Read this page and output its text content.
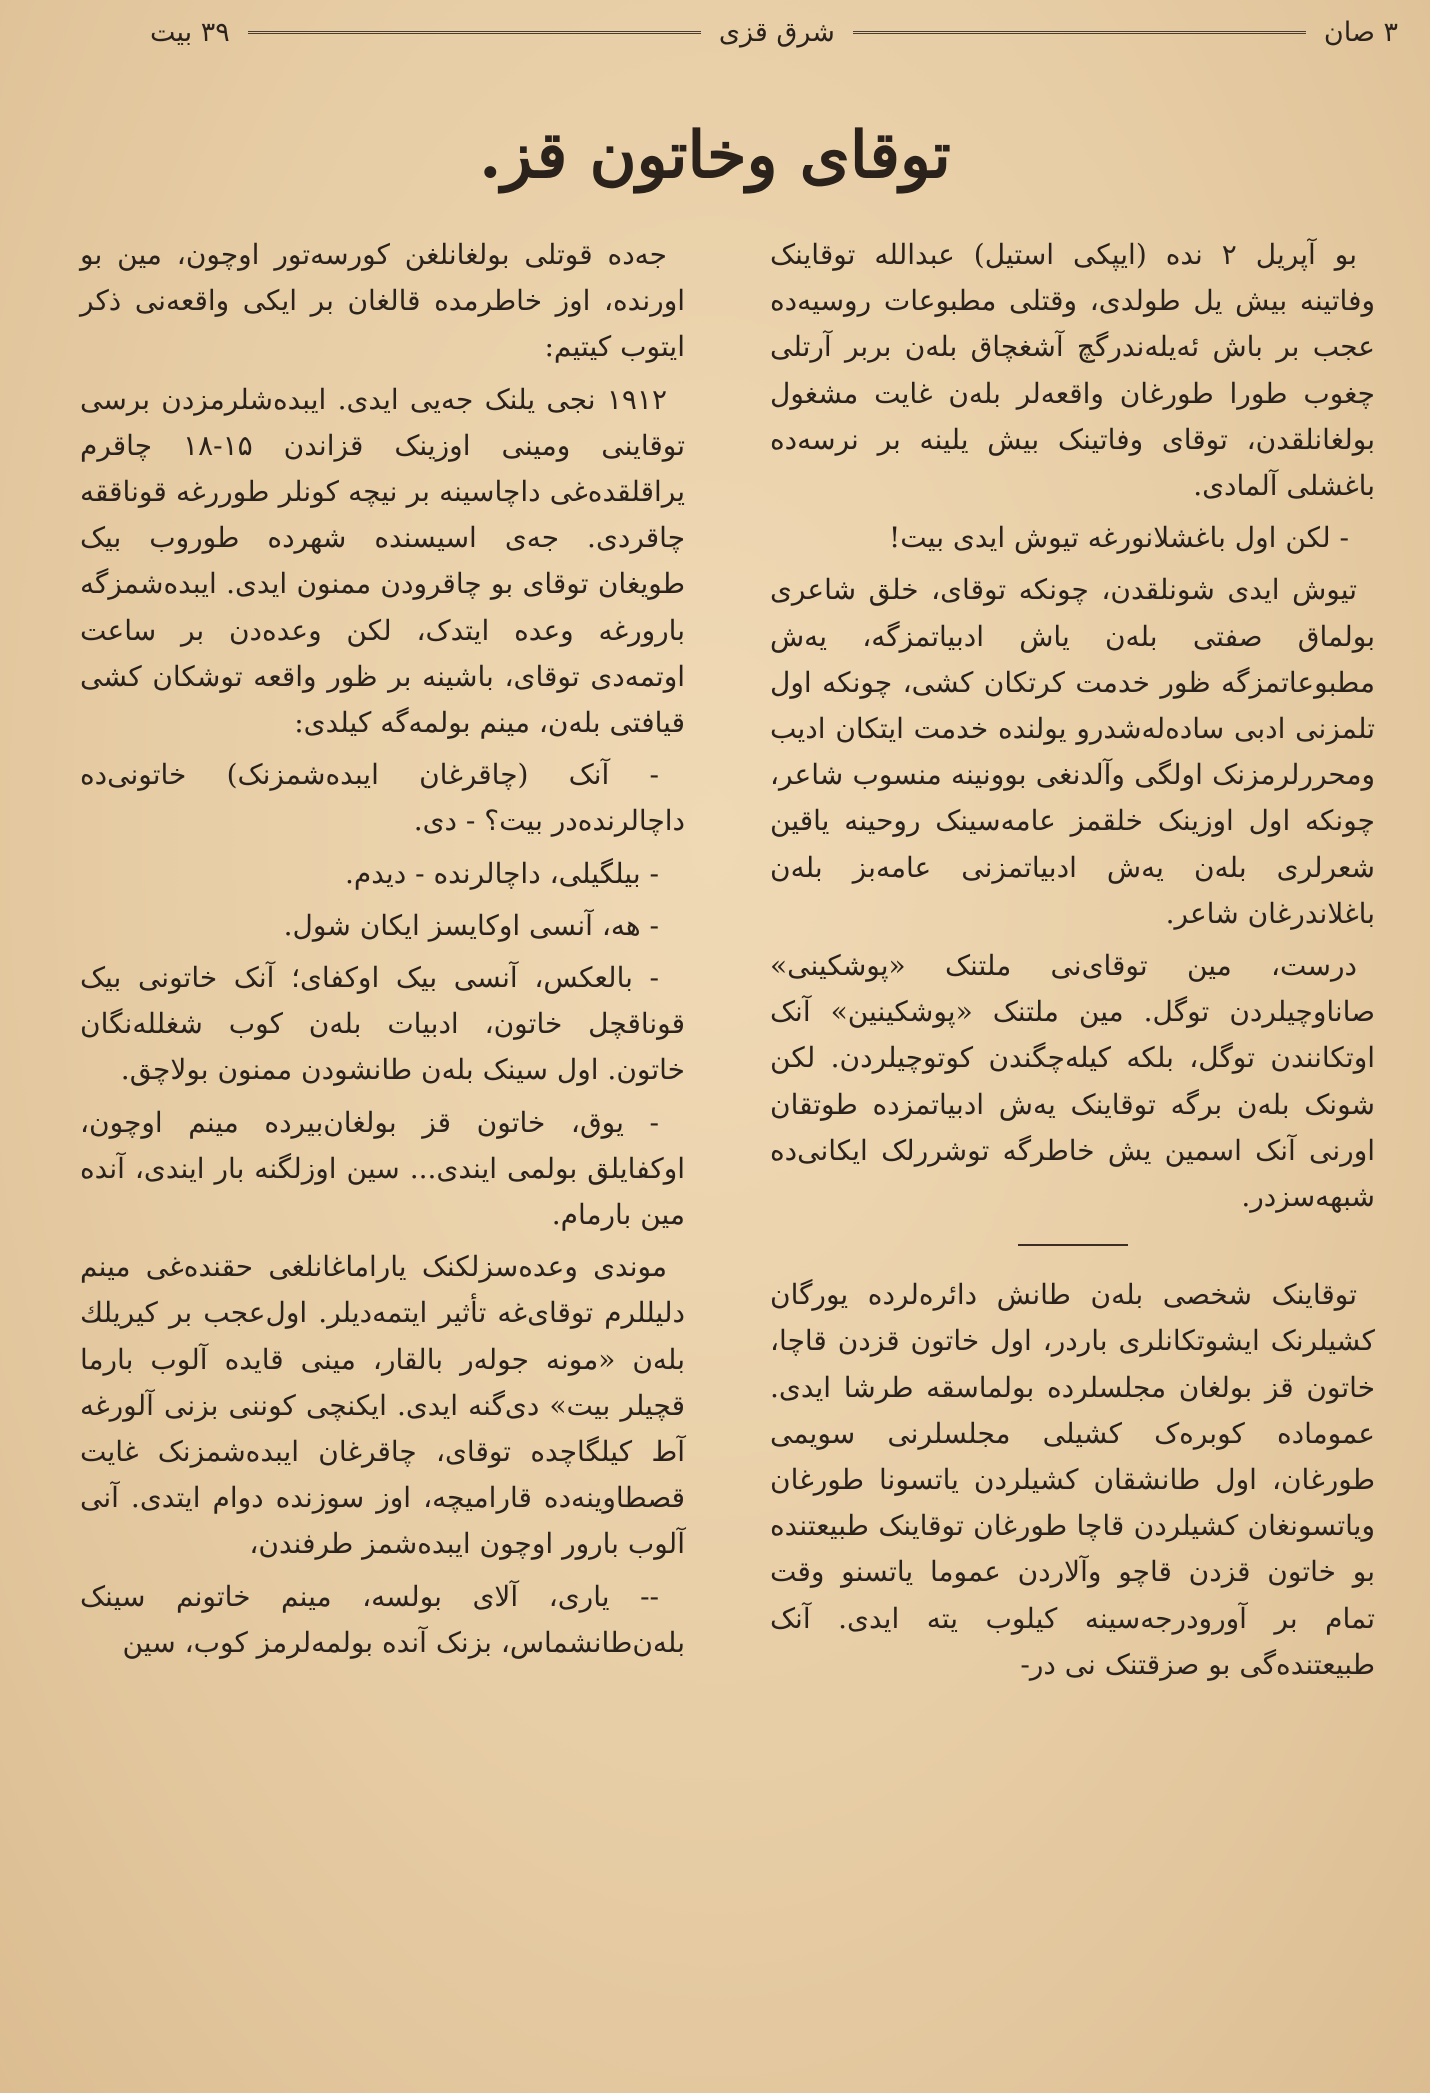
۳ صان
شرق قزی
۳۹ بیت
توقای وخاتون قز.

بو آپریل ۲ نده (ایپکی استیل) عبدالله توقاینک وفاتینه بیش یل طولدی، وقتلی مطبوعات روسیه‌ده عجب بر باش ئه‌یله‌ندرگچ آشغچاق بله‌ن بربر آرتلی چغوب طورا طورغان واقعه‌لر بله‌ن غایت مشغول بولغانلقدن، توقای وفاتینک بیش یلینه بر نرسه‌ده باغشلی آلمادی.

- لکن اول باغشلانورغه تیوش ایدی بیت!

تیوش ایدی شونلقدن، چونکه توقای، خلق شاعری بولماق صفتی بله‌ن یاش ادبیاتمزگه، یه‌ش مطبوعاتمزگه ظور خدمت کرتکان کشی، چونکه اول تلمزنی ادبی ساده‌له‌شدرو یولنده خدمت ایتکان ادیب ومحررلرمزنک اولگی وآلدنغی بوونینه منسوب شاعر، چونکه اول اوزینک خلقمز عامه‌سینک روحینه یاقین شعرلری بله‌ن یه‌ش ادبیاتمزنی عامه‌بز بله‌ن باغلاندرغان شاعر.

درست، مین توقای‌نی ملتنک «پوشکینی» صاناوچیلردن توگل. مین ملتنک «پوشکینین» آنک اوتکانندن توگل، بلکه کیله‌چگندن کوتوچیلردن. لکن شونک بله‌ن برگه توقاینک یه‌ش ادبیاتمزده طوتقان اورنی آنک اسمین یش خاطرگه توشررلک ایکانی‌ده شبهه‌سزدر.

توقاینک شخصی بله‌ن طانش دائره‌لرده یورگان کشیلرنک ایشوتکانلری باردر، اول خاتون قزدن قاچا، خاتون قز بولغان مجلسلرده بولماسقه طرشا ایدی. عموماده کوبره‌ک کشیلی مجلسلرنی سویمی طورغان، اول طانشقان کشیلردن یاتسونا طورغان ویاتسونغان کشیلردن قاچا طورغان توقاینک طبیعتنده بو خاتون قزدن قاچو وآلاردن عموما یاتسنو وقت تمام بر آورودرجه‌سینه کیلوب یته ایدی. آنک طبیعتنده‌گی بو صزقتنک نی در-

جه‌ده قوتلی بولغانلغن کورسه‌تور اوچون، مین بو اورنده، اوز خاطرمده قالغان بر ایکی واقعه‌نی ذکر ایتوب کیتیم:

۱۹۱۲ نجی یلنک جه‌یی ایدی. ایبده‌شلرمزدن برسی توقاینی ومینی اوزینک قزاندن ۱۵-۱۸ چاقرم یراقلقده‌غی داچاسینه بر نیچه کونلر طوررغه قوناققه چاقردی. جه‌ی اسیسنده شهرده طوروب بیک طویغان توقای بو چاقرودن ممنون ایدی. ایبده‌شمزگه بارورغه وعده ایتدک، لکن وعده‌دن بر ساعت اوتمه‌دی توقای، باشینه بر ظور واقعه توشکان کشی قیافتی بله‌ن، مینم بولمه‌گه کیلدی:

- آنک (چاقرغان ایبده‌شمزنک) خاتونی‌ده داچالرنده‌در بیت؟ - دی.

- بیلگیلی، داچالرنده - دیدم.

- هه، آنسی اوکایسز ایکان شول.

- بالعکس، آنسی بیک اوکفای؛ آنک خاتونی بیک قوناقچل خاتون، ادبیات بله‌ن کوب شغلله‌نگان خاتون. اول سینک بله‌ن طانشودن ممنون بولاچق.

- یوق، خاتون قز بولغان‌بیرده مینم اوچون، اوکفایلق بولمی ایندی... سین اوزلگنه بار ایندی، آنده مین بارمام.

موندی وعده‌سزلکنک یاراماغانلغی حقنده‌غی مینم دلیللرم توقای‌غه تأثیر ایتمه‌دیلر. اول‌عجب بر کیریلك بله‌ن «مونه جوله‌ر بالقار، مینی قایده آلوب بارما قچیلر بیت» دی‌گنه ایدی. ایکنچی کوننی بزنی آلورغه آط کیلگاچده توقای، چاقرغان ایبده‌شمزنک غایت قصطاوینه‌ده قارامیچه، اوز سوزنده دوام ایتدی. آنی آلوب بارور اوچون ایبده‌شمز طرفندن،

-- یاری، آلای بولسه، مینم خاتونم سینک بله‌ن‌طانشماس، بزنک آنده بولمه‌لرمز کوب، سین
